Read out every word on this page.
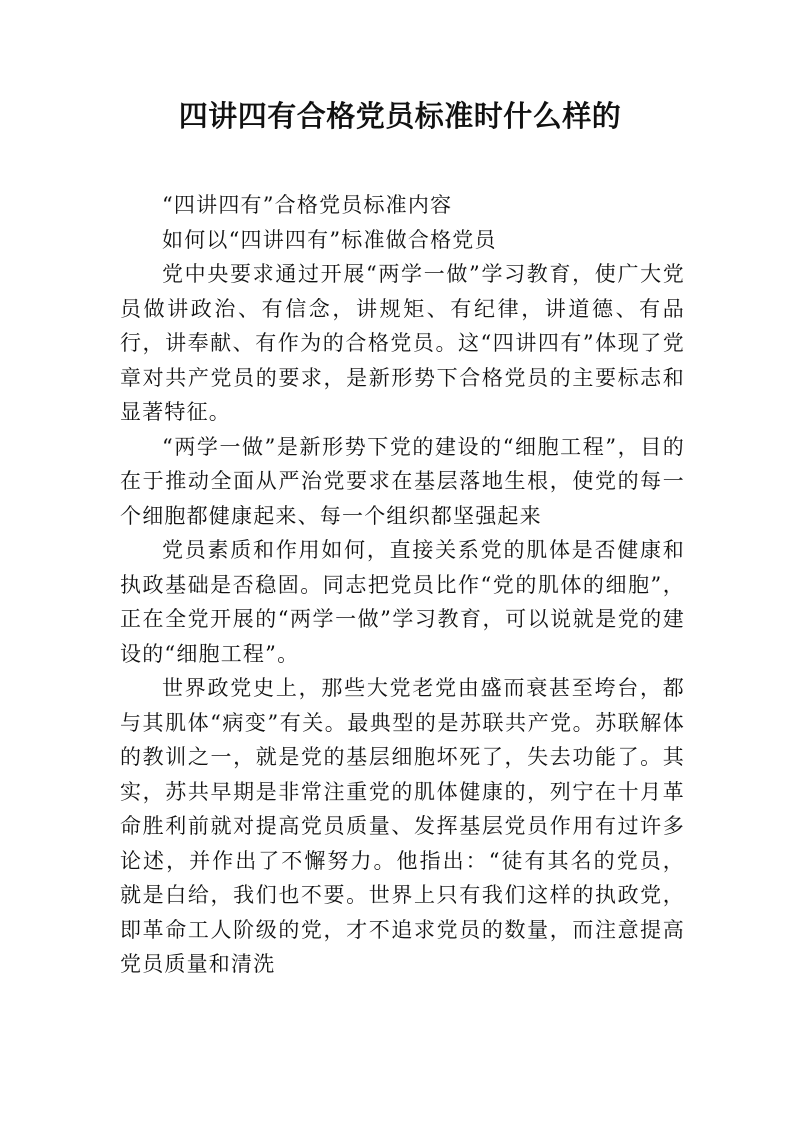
四讲四有合格党员标准时什么样的

“四讲四有”合格党员标准内容

如何以“四讲四有”标准做合格党员

党中央要求通过开展“两学一做”学习教育，使广大党员做讲政治、有信念，讲规矩、有纪律，讲道德、有品行，讲奉献、有作为的合格党员。这“四讲四有”体现了党章对共产党员的要求，是新形势下合格党员的主要标志和显著特征。

“两学一做”是新形势下党的建设的“细胞工程”，目的在于推动全面从严治党要求在基层落地生根，使党的每一个细胞都健康起来、每一个组织都坚强起来

党员素质和作用如何，直接关系党的肌体是否健康和执政基础是否稳固。同志把党员比作“党的肌体的细胞”，正在全党开展的“两学一做”学习教育，可以说就是党的建设的“细胞工程”。

世界政党史上，那些大党老党由盛而衰甚至垮台，都与其肌体“病变”有关。最典型的是苏联共产党。苏联解体的教训之一，就是党的基层细胞坏死了，失去功能了。其实，苏共早期是非常注重党的肌体健康的，列宁在十月革命胜利前就对提高党员质量、发挥基层党员作用有过许多论述，并作出了不懈努力。他指出：“徒有其名的党员，就是白给，我们也不要。世界上只有我们这样的执政党，即革命工人阶级的党，才不追求党员的数量，而注意提高党员质量和清洗
